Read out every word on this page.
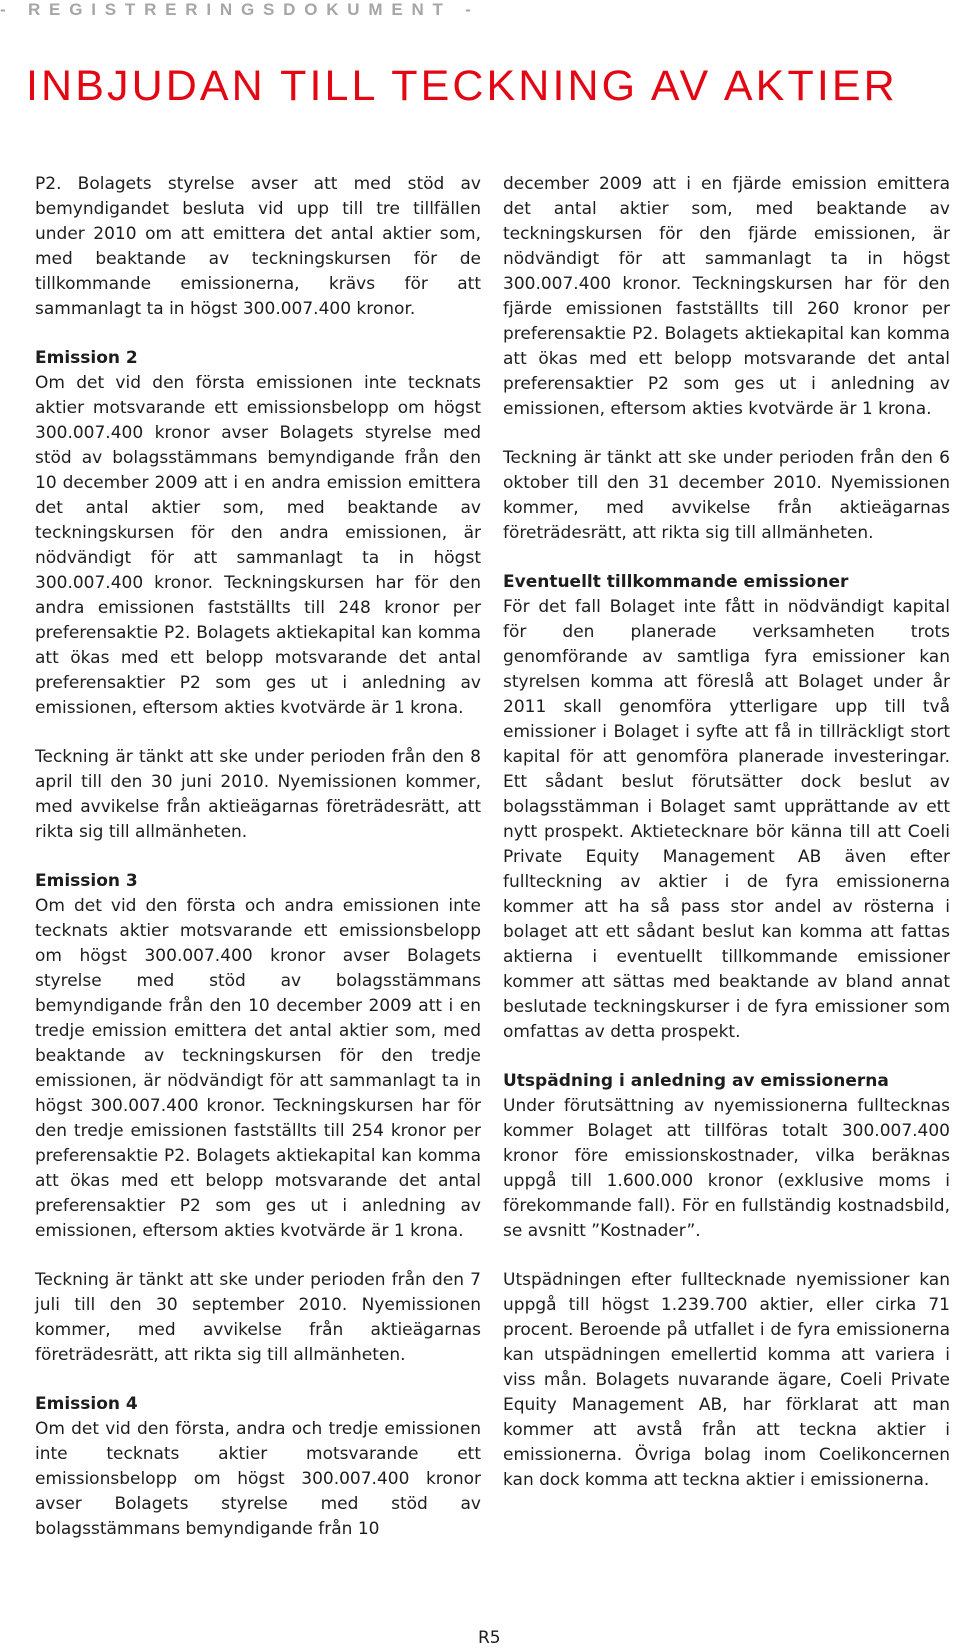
- REGISTRERINGSDOKUMENT -
INBJUDAN TILL TECKNING AV AKTIER

P2. Bolagets styrelse avser att med stöd av bemyndigandet besluta vid upp till tre tillfällen under 2010 om att emittera det antal aktier som, med beaktande av teckningskursen för de tillkommande emissionerna, krävs för att sammanlagt ta in högst 300.007.400 kronor.

Emission 2
Om det vid den första emissionen inte tecknats aktier motsvarande ett emissionsbelopp om högst 300.007.400 kronor avser Bolagets styrelse med stöd av bolagsstämmans bemyndigande från den 10 december 2009 att i en andra emission emittera det antal aktier som, med beaktande av teckningskursen för den andra emissionen, är nödvändigt för att sammanlagt ta in högst 300.007.400 kronor. Teckningskursen har för den andra emissionen fastställts till 248 kronor per preferensaktie P2. Bolagets aktiekapital kan komma att ökas med ett belopp motsvarande det antal preferensaktier P2 som ges ut i anledning av emissionen, eftersom akties kvotvärde är 1 krona.

Teckning är tänkt att ske under perioden från den 8 april till den 30 juni 2010. Nyemissionen kommer, med avvikelse från aktieägarnas företrädesrätt, att rikta sig till allmänheten.

Emission 3
Om det vid den första och andra emissionen inte tecknats aktier motsvarande ett emissionsbelopp om högst 300.007.400 kronor avser Bolagets styrelse med stöd av bolagsstämmans bemyndigande från den 10 december 2009 att i en tredje emission emittera det antal aktier som, med beaktande av teckningskursen för den tredje emissionen, är nödvändigt för att sammanlagt ta in högst 300.007.400 kronor. Teckningskursen har för den tredje emissionen fastställts till 254 kronor per preferensaktie P2. Bolagets aktiekapital kan komma att ökas med ett belopp motsvarande det antal preferensaktier P2 som ges ut i anledning av emissionen, eftersom akties kvotvärde är 1 krona.

Teckning är tänkt att ske under perioden från den 7 juli till den 30 september 2010. Nyemissionen kommer, med avvikelse från aktieägarnas företrädesrätt, att rikta sig till allmänheten.

Emission 4
Om det vid den första, andra och tredje emissionen inte tecknats aktier motsvarande ett emissionsbelopp om högst 300.007.400 kronor avser Bolagets styrelse med stöd av bolagsstämmans bemyndigande från 10

december 2009 att i en fjärde emission emittera det antal aktier som, med beaktande av teckningskursen för den fjärde emissionen, är nödvändigt för att sammanlagt ta in högst 300.007.400 kronor. Teckningskursen har för den fjärde emissionen fastställts till 260 kronor per preferensaktie P2. Bolagets aktiekapital kan komma att ökas med ett belopp motsvarande det antal preferensaktier P2 som ges ut i anledning av emissionen, eftersom akties kvotvärde är 1 krona.

Teckning är tänkt att ske under perioden från den 6 oktober till den 31 december 2010. Nyemissionen kommer, med avvikelse från aktieägarnas företrädesrätt, att rikta sig till allmänheten.

Eventuellt tillkommande emissioner
För det fall Bolaget inte fått in nödvändigt kapital för den planerade verksamheten trots genomförande av samtliga fyra emissioner kan styrelsen komma att föreslå att Bolaget under år 2011 skall genomföra ytterligare upp till två emissioner i Bolaget i syfte att få in tillräckligt stort kapital för att genomföra planerade investeringar. Ett sådant beslut förutsätter dock beslut av bolagsstämman i Bolaget samt upprättande av ett nytt prospekt. Aktietecknare bör känna till att Coeli Private Equity Management AB även efter fullteckning av aktier i de fyra emissionerna kommer att ha så pass stor andel av rösterna i bolaget att ett sådant beslut kan komma att fattas aktierna i eventuellt tillkommande emissioner kommer att sättas med beaktande av bland annat beslutade teckningskurser i de fyra emissioner som omfattas av detta prospekt.

Utspädning i anledning av emissionerna
Under förutsättning av nyemissionerna fulltecknas kommer Bolaget att tillföras totalt 300.007.400 kronor före emissionskostnader, vilka beräknas uppgå till 1.600.000 kronor (exklusive moms i förekommande fall). För en fullständig kostnadsbild, se avsnitt ”Kostnader”.

Utspädningen efter fulltecknade nyemissioner kan uppgå till högst 1.239.700 aktier, eller cirka 71 procent. Beroende på utfallet i de fyra emissionerna kan utspädningen emellertid komma att variera i viss mån. Bolagets nuvarande ägare, Coeli Private Equity Management AB, har förklarat att man kommer att avstå från att teckna aktier i emissionerna. Övriga bolag inom Coelikoncernen kan dock komma att teckna aktier i emissionerna.

R5
